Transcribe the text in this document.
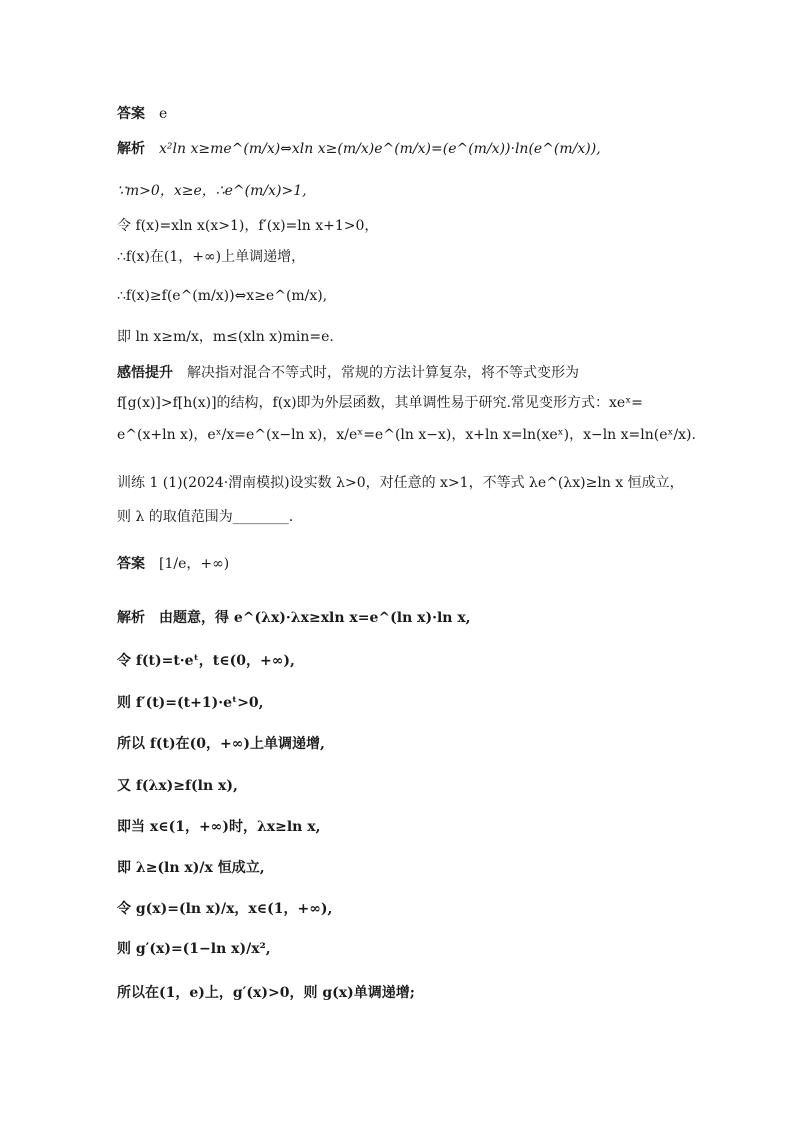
答案 e
解析 x²ln x≥me^(m/x)⇔xln x≥(m/x)e^(m/x)=(e^(m/x))·ln(e^(m/x)),
∵m>0，x≥e，∴e^(m/x)>1,
令 f(x)=xln x(x>1)，f′(x)=ln x+1>0，
∴f(x)在(1，+∞)上单调递增，
∴f(x)≥f(e^(m/x))⇔x≥e^(m/x),
即 ln x≥m/x，m≤(xln x)min=e.
感悟提升 解决指对混合不等式时，常规的方法计算复杂，将不等式变形为
f[g(x)]>f[h(x)]的结构，f(x)即为外层函数，其单调性易于研究.常见变形方式：xeˣ=
e^(x+ln x)，eˣ/x=e^(x−ln x)，x/eˣ=e^(ln x−x)，x+ln x=ln(xeˣ)，x−ln x=ln(eˣ/x).
训练 1 (1)(2024·渭南模拟)设实数 λ>0，对任意的 x>1，不等式 λe^(λx)≥ln x 恒成立，
则 λ 的取值范围为________.
答案 [1/e，+∞)
解析 由题意，得 e^(λx)·λx≥xln x=e^(ln x)·ln x,
令 f(t)=t·eᵗ，t∈(0，+∞),
则 f′(t)=(t+1)·eᵗ>0,
所以 f(t)在(0，+∞)上单调递增,
又 f(λx)≥f(ln x),
即当 x∈(1，+∞)时，λx≥ln x,
即 λ≥(ln x)/x 恒成立,
令 g(x)=(ln x)/x，x∈(1，+∞),
则 g′(x)=(1−ln x)/x²,
所以在(1，e)上，g′(x)>0，则 g(x)单调递增;
